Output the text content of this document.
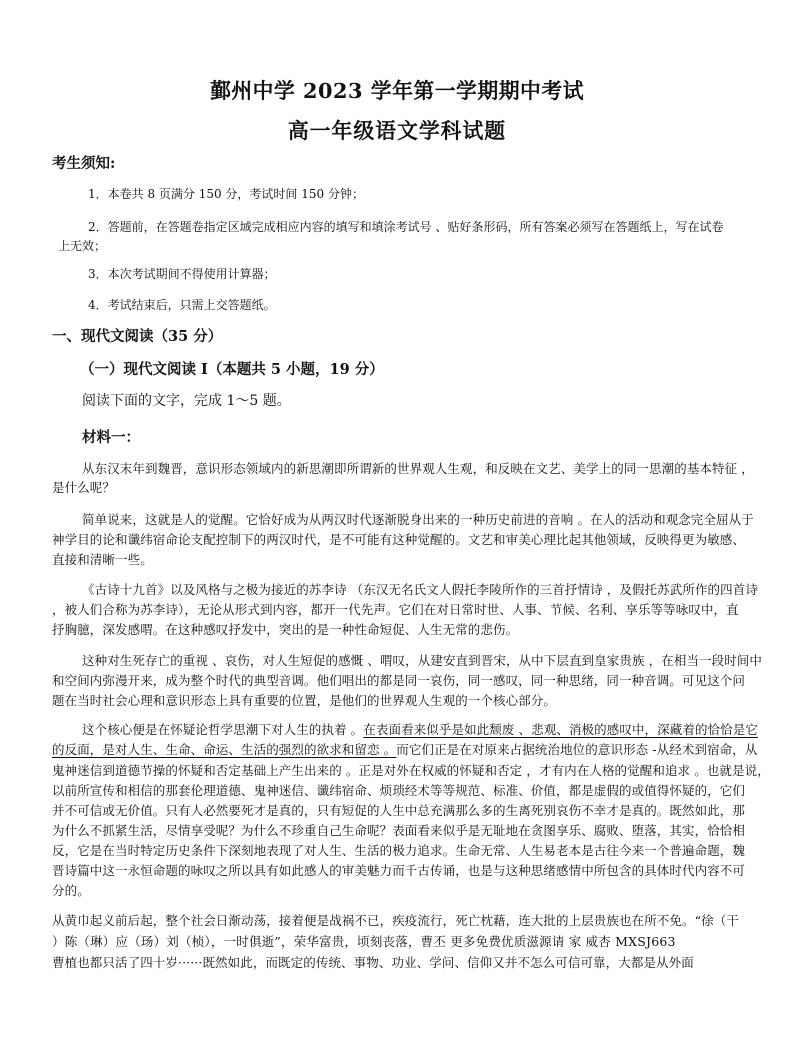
鄞州中学 2023 学年第一学期期中考试
高一年级语文学科试题
考生须知:
1．本卷共 8 页满分 150 分，考试时间 150 分钟；
2．答题前，在答题卷指定区域完成相应内容的填写和填涂考试号 、贴好条形码，所有答案必须写在答题纸上，写在试卷
上无效；
3．本次考试期间不得使用计算器；
4．考试结束后，只需上交答题纸。
一、现代文阅读（35 分）
（一）现代文阅读 I（本题共 5 小题，19 分）
阅读下面的文字，完成 1～5 题。
材料一：
从东汉末年到魏晋，意识形态领域内的新思潮即所谓新的世界观人生观，和反映在文艺、美学上的同一思潮的基本特征 ，
是什么呢？
简单说来，这就是人的觉醒。它恰好成为从两汉时代逐渐脱身出来的一种历史前进的音响 。在人的活动和观念完全屈从于
神学目的论和谶纬宿命论支配控制下的两汉时代，是不可能有这种觉醒的。文艺和审美心理比起其他领域，反映得更为敏感、
直接和清晰一些。
《古诗十九首》以及风格与之极为接近的苏李诗 （东汉无名氏文人假托李陵所作的三首抒情诗 ，及假托苏武所作的四首诗
，被人们合称为苏李诗），无论从形式到内容，都开一代先声。它们在对日常时世、人事、节候、名利、享乐等等咏叹中，直
抒胸臆，深发感喟。在这种感叹抒发中，突出的是一种性命短促、人生无常的悲伤。
这种对生死存亡的重视 、哀伤，对人生短促的感慨 、喟叹，从建安直到晋宋，从中下层直到皇家贵族 ，在相当一段时间中
和空间内弥漫开来，成为整个时代的典型音调。他们唱出的都是同一哀伤，同一感叹，同一种思绪，同一种音调。可见这个问
题在当时社会心理和意识形态上具有重要的位置，是他们的世界观人生观的一个核心部分。
这个核心便是在怀疑论哲学思潮下对人生的执着 。在表面看来似乎是如此颓废 、悲观、消极的感叹中，深藏着的恰恰是它
的反面，是对人生、生命、命运、生活的强烈的欲求和留恋 。而它们正是在对原来占据统治地位的意识形态 -从经术到宿命，从
鬼神迷信到道德节操的怀疑和否定基础上产生出来的 。正是对外在权威的怀疑和否定 ，才有内在人格的觉醒和追求 。也就是说，
以前所宣传和相信的那套伦理道德、鬼神迷信、谶纬宿命、烦琐经术等等规范、标准、价值，都是虚假的或值得怀疑的，它们
并不可信或无价值。只有人必然要死才是真的，只有短促的人生中总充满那么多的生离死别哀伤不幸才是真的。既然如此，那
为什么不抓紧生活，尽情享受呢？为什么不珍重自己生命呢？表面看来似乎是无耻地在贪图享乐、腐败、堕落，其实，恰恰相
反，它是在当时特定历史条件下深刻地表现了对人生、生活的极力追求。生命无常、人生易老本是古往今来一个普遍命题，魏
晋诗篇中这一永恒命题的咏叹之所以具有如此感人的审美魅力而千古传诵，也是与这种思绪感情中所包含的具体时代内容不可
分的。
从黄巾起义前后起，整个社会日渐动荡，接着便是战祸不已，疾疫流行，死亡枕藉，连大批的上层贵族也在所不免。“徐（干
）陈（琳）应（玚）刘（桢），一时俱逝”，荣华富贵，顷刻丧落，曹丕 更多免费优质滋源请 家 威杏 MXSJ663
曹植也都只活了四十岁······既然如此，而既定的传统、事物、功业、学问、信仰又并不怎么可信可靠，大都是从外面
